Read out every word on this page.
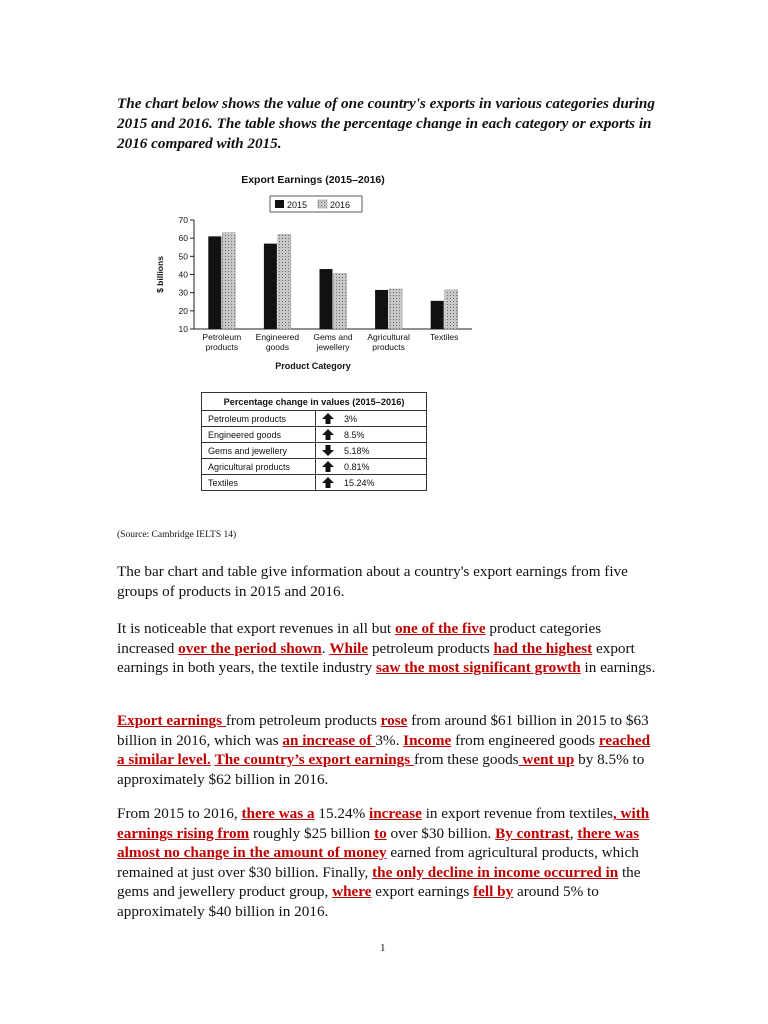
The chart below shows the value of one country's exports in various categories during 2015 and 2016. The table shows the percentage change in each category or exports in 2016 compared with 2015.
Export Earnings (2015–2016)
2015	2016
10
20
30
40
50
60
70
$ billions
Petroleum
products
Engineered
goods
Gems and
jewellery
Agricultural
products
Textiles
Product Category
Percentage change in values (2015–2016)	
Petroleum products	3%
Engineered goods	8.5%
Gems and jewellery	5.18%
Agricultural products	0.81%
Textiles	15.24%
(Source: Cambridge IELTS 14)
The bar chart and table give information about a country's export earnings from five groups of products in 2015 and 2016.
It is noticeable that export revenues in all but one of the five product categories increased over the period shown. While petroleum products had the highest export earnings in both years, the textile industry saw the most significant growth in earnings.
Export earnings from petroleum products rose from around $61 billion in 2015 to $63 billion in 2016, which was an increase of 3%. Income from engineered goods reached a similar level. The country’s export earnings from these goods went up by 8.5% to approximately $62 billion in 2016.
From 2015 to 2016, there was a 15.24% increase in export revenue from textiles, with earnings rising from roughly $25 billion to over $30 billion. By contrast, there was almost no change in the amount of money earned from agricultural products, which remained at just over $30 billion. Finally, the only decline in income occurred in the gems and jewellery product group, where export earnings fell by around 5% to approximately $40 billion in 2016.
1
